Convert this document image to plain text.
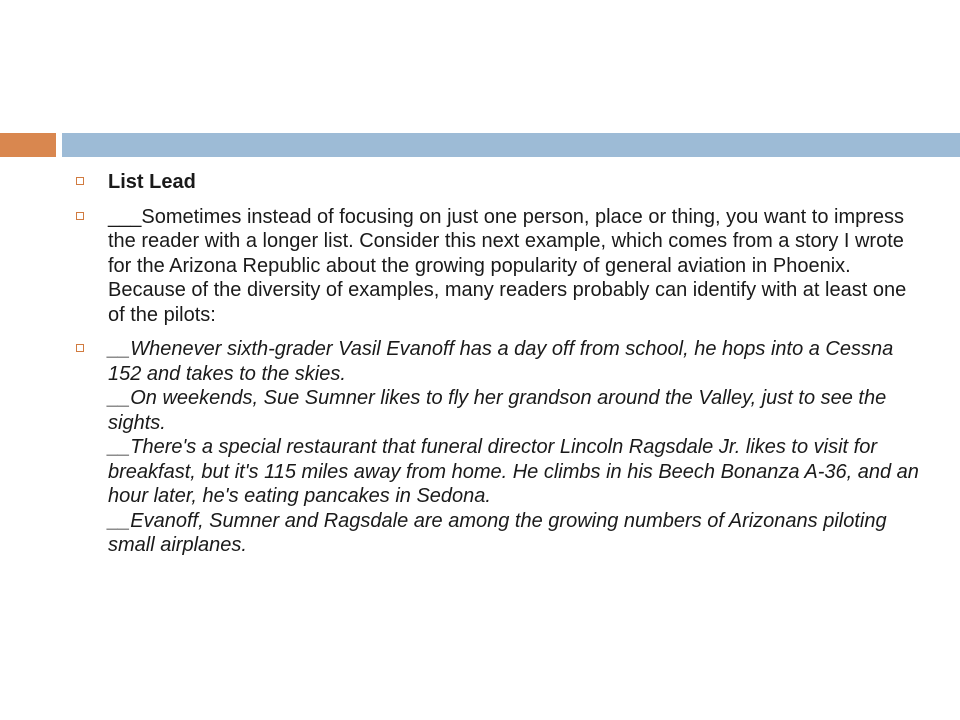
List Lead
___Sometimes instead of focusing on just one person, place or thing, you want to impress the reader with a longer list. Consider this next example, which comes from a story I wrote for the Arizona Republic about the growing popularity of general aviation in Phoenix. Because of the diversity of examples, many readers probably can identify with at least one of the pilots:
__Whenever sixth-grader Vasil Evanoff has a day off from school, he hops into a Cessna 152 and takes to the skies.
__On weekends, Sue Sumner likes to fly her grandson around the Valley, just to see the sights.
__There's a special restaurant that funeral director Lincoln Ragsdale Jr. likes to visit for breakfast, but it's 115 miles away from home. He climbs in his Beech Bonanza A-36, and an hour later, he's eating pancakes in Sedona.
__Evanoff, Sumner and Ragsdale are among the growing numbers of Arizonans piloting small airplanes.
